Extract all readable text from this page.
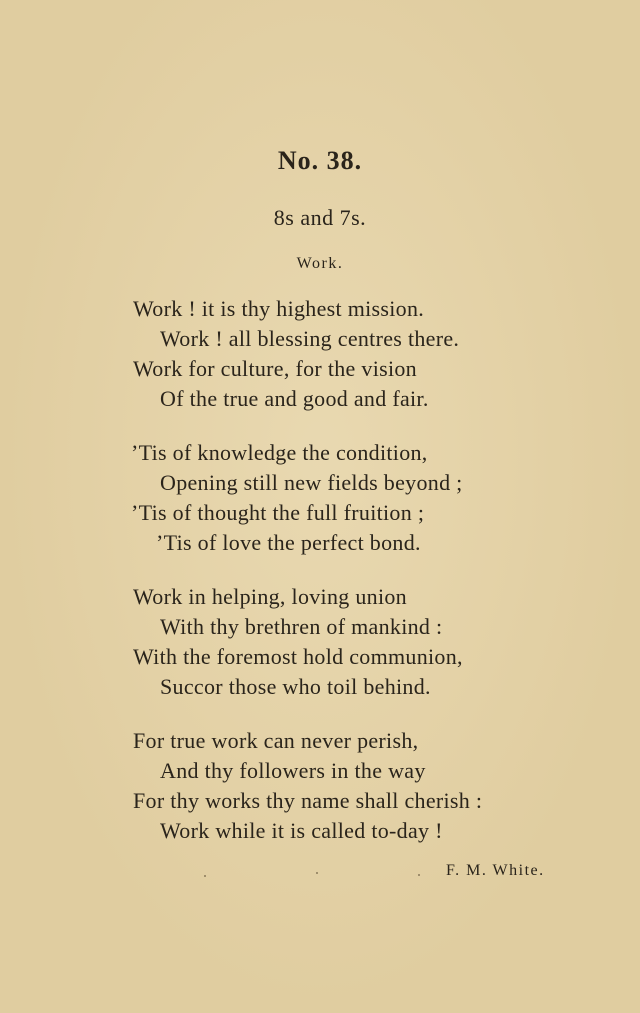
No. 38.
8s and 7s.
Work.
Work ! it is thy highest mission.
Work ! all blessing centres there.
Work for culture, for the vision
Of the true and good and fair.
’Tis of knowledge the condition,
Opening still new fields beyond ;
’Tis of thought the full fruition ;
’Tis of love the perfect bond.
Work in helping, loving union
With thy brethren of mankind :
With the foremost hold communion,
Succor those who toil behind.
For true work can never perish,
And thy followers in the way
For thy works thy name shall cherish :
Work while it is called to-day !
F. M. White.
